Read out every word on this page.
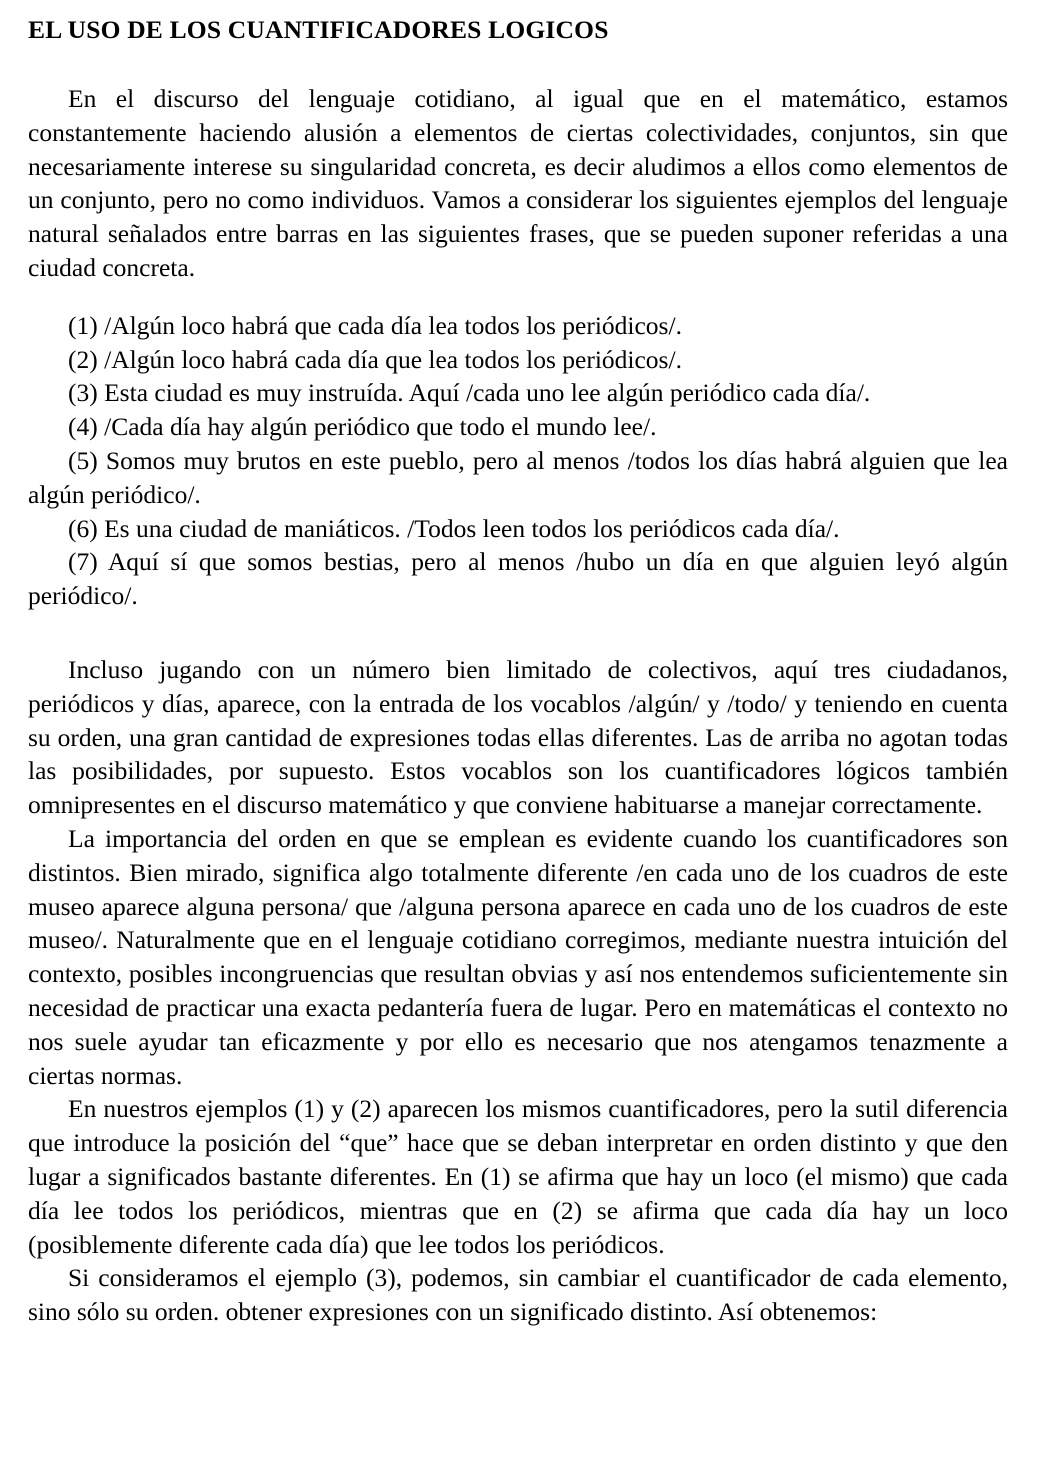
EL USO DE LOS CUANTIFICADORES LOGICOS

En el discurso del lenguaje cotidiano, al igual que en el matemático, estamos constantemente haciendo alusión a elementos de ciertas colectividades, conjuntos, sin que necesariamente interese su singularidad concreta, es decir aludimos a ellos como elementos de un conjunto, pero no como individuos. Vamos a considerar los siguientes ejemplos del lenguaje natural señalados entre barras en las siguientes frases, que se pueden suponer referidas a una ciudad concreta.

(1) /Algún loco habrá que cada día lea todos los periódicos/.

(2) /Algún loco habrá cada día que lea todos los periódicos/.

(3) Esta ciudad es muy instruída. Aquí /cada uno lee algún periódico cada día/.

(4) /Cada día hay algún periódico que todo el mundo lee/.

(5) Somos muy brutos en este pueblo, pero al menos /todos los días habrá alguien que lea algún periódico/.

(6) Es una ciudad de maniáticos. /Todos leen todos los periódicos cada día/.

(7) Aquí sí que somos bestias, pero al menos /hubo un día en que alguien leyó algún periódico/.

Incluso jugando con un número bien limitado de colectivos, aquí tres ciudadanos, periódicos y días, aparece, con la entrada de los vocablos /algún/ y /todo/ y teniendo en cuenta su orden, una gran cantidad de expresiones todas ellas diferentes. Las de arriba no agotan todas las posibilidades, por supuesto. Estos vocablos son los cuantificadores lógicos también omnipresentes en el discurso matemático y que conviene habituarse a manejar correctamente.

La importancia del orden en que se emplean es evidente cuando los cuantificadores son distintos. Bien mirado, significa algo totalmente diferente /en cada uno de los cuadros de este museo aparece alguna persona/ que /alguna persona aparece en cada uno de los cuadros de este museo/. Naturalmente que en el lenguaje cotidiano corregimos, mediante nuestra intuición del contexto, posibles incongruencias que resultan obvias y así nos entendemos suficientemente sin necesidad de practicar una exacta pedantería fuera de lugar. Pero en matemáticas el contexto no nos suele ayudar tan eficazmente y por ello es necesario que nos atengamos tenazmente a ciertas normas.

En nuestros ejemplos (1) y (2) aparecen los mismos cuantificadores, pero la sutil diferencia que introduce la posición del “que” hace que se deban interpretar en orden distinto y que den lugar a significados bastante diferentes. En (1) se afirma que hay un loco (el mismo) que cada día lee todos los periódicos, mientras que en (2) se afirma que cada día hay un loco (posiblemente diferente cada día) que lee todos los periódicos.

Si consideramos el ejemplo (3), podemos, sin cambiar el cuantificador de cada elemento, sino sólo su orden. obtener expresiones con un significado distinto. Así obtenemos:
